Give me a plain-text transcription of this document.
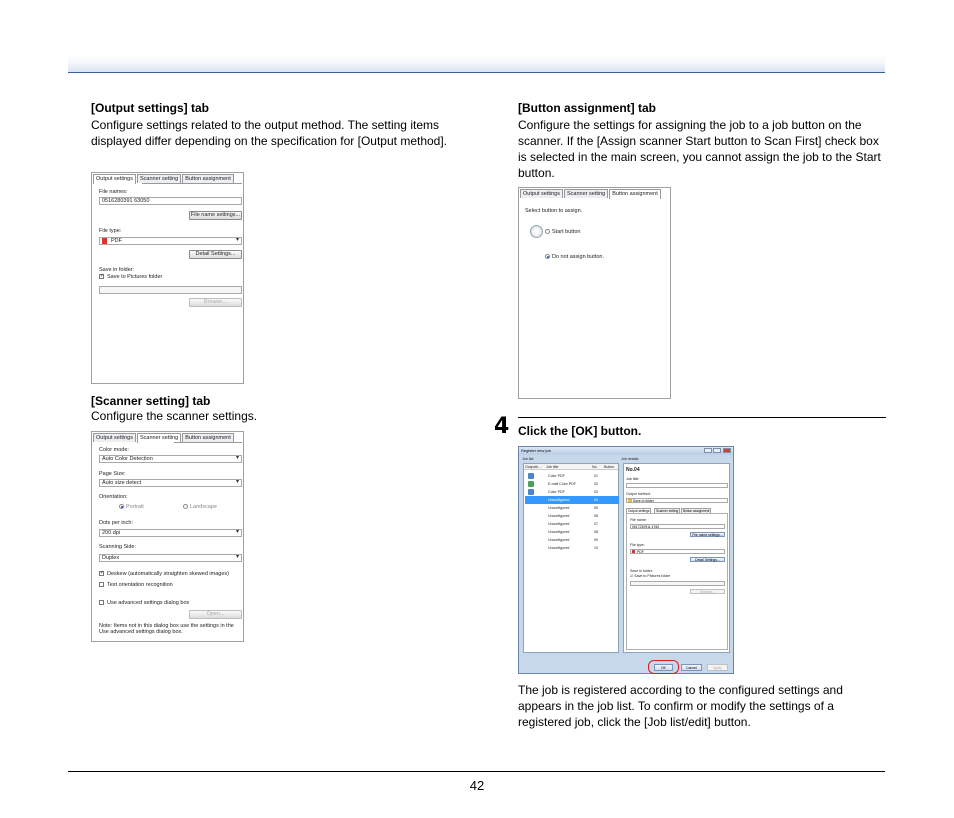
[Output settings] tab
Configure settings related to the output method. The setting items displayed differ depending on the specification for [Output method].
Output settings	Scanner setting	Button assignment
File names:
0516280391 63050
File name settings...
File type:
PDF ▾
Detail Settings...
Save in folder:
✓ Save to Pictures folder
Browse...
[Scanner setting] tab
Configure the scanner settings.
Output settings	Scanner setting	Button assignment
Color mode:
Auto Color Detection ▾
Page Size:
Auto size detect ▾
Orientation:
Portrait	Landscape
Dots per inch:
200 dpi ▾
Scanning Side:
Duplex ▾
✓ Deskew (automatically straighten skewed images)
Text orientation recognition
Use advanced settings dialog box
Open...
Note: Items not in this dialog box use the settings in the Use advanced settings dialog box.
[Button assignment] tab
Configure the settings for assigning the job to a job button on the scanner. If the [Assign scanner Start button to Scan First] check box is selected in the main screen, you cannot assign the job to the Start button.
Output settings	Scanner setting	Button assignment
Select button to assign.
Start button
Do not assign button.
4 Click the [OK] button.
Register new job
Job list:	Job details:
Outputti... Job title	No. Button
Color PDF	01
E-mail Color PDF	02
Color PDF	03
Unconfigured	04
Unconfigured	05
Unconfigured	06
Unconfigured	07
Unconfigured	08
Unconfigured	09
Unconfigured	10
No.04
Job title:
Output method:
Save to folder
Output settings	Scanner setting	Button assignment
File name:
0617230911 4760
File name settings...
File type:
PDF
Detail Settings...
Save in folder:
☑ Save to Pictures folder
Browse...
OK	Cancel	Apply
The job is registered according to the configured settings and appears in the job list. To confirm or modify the settings of a registered job, click the [Job list/edit] button.
42
